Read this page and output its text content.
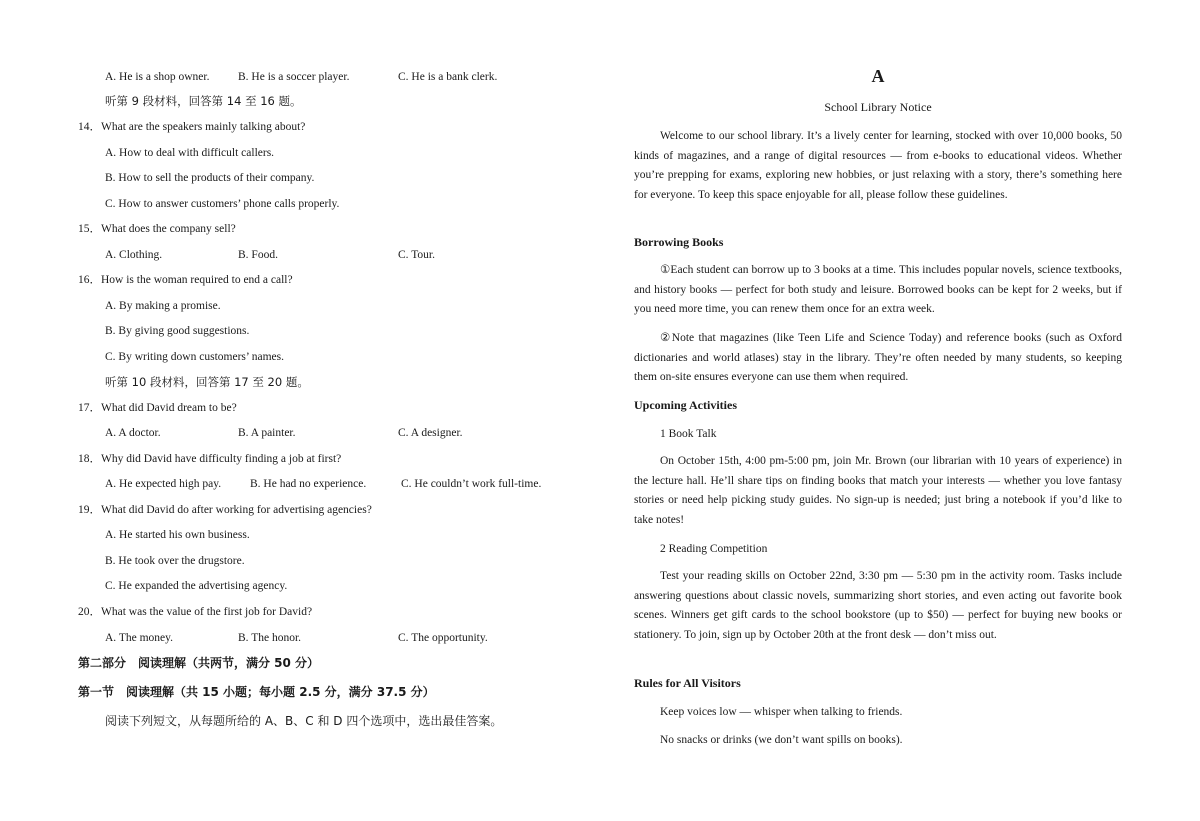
A. He is a shop owner. B. He is a soccer player.	C. He is a bank clerk.
听第 9 段材料，回答第 14 至 16 题。
14．What are the speakers mainly talking about?
A. How to deal with difficult callers.
B. How to sell the products of their company.
C. How to answer customers’ phone calls properly.
15．What does the company sell?
A. Clothing.	B. Food.	C. Tour.
16．How is the woman required to end a call?
A. By making a promise.
B. By giving good suggestions.
C. By writing down customers’ names.
听第 10 段材料，回答第 17 至 20 题。
17．What did David dream to be?
A. A doctor.	B. A painter.	C. A designer.
18．Why did David have difficulty finding a job at first?
A. He expected high pay.	B. He had no experience.	C. He couldn’t work full-time.
19．What did David do after working for advertising agencies?
A. He started his own business.
B. He took over the drugstore.
C. He expanded the advertising agency.
20．What was the value of the first job for David?
A. The money.	B. The honor.	C. The opportunity.
第二部分　阅读理解（共两节，满分 50 分）
第一节　阅读理解（共 15 小题；每小题 2.5 分，满分 37.5 分）
阅读下列短文，从每题所给的 A、B、C 和 D 四个选项中，选出最佳答案。
A
School Library Notice

Welcome to our school library. It’s a lively center for learning, stocked with over 10,000 books, 50 kinds of magazines, and a range of digital resources — from e-books to educational videos. Whether you’re prepping for exams, exploring new hobbies, or just relaxing with a story, there’s something here for everyone. To keep this space enjoyable for all, please follow these guidelines.

Borrowing Books

①Each student can borrow up to 3 books at a time. This includes popular novels, science textbooks, and history books — perfect for both study and leisure. Borrowed books can be kept for 2 weeks, but if you need more time, you can renew them once for an extra week.

②Note that magazines (like Teen Life and Science Today) and reference books (such as Oxford dictionaries and world atlases) stay in the library. They’re often needed by many students, so keeping them on-site ensures everyone can use them when required.

Upcoming Activities
1 Book Talk

On October 15th, 4:00 pm-5:00 pm, join Mr. Brown (our librarian with 10 years of experience) in the lecture hall. He’ll share tips on finding books that match your interests — whether you love fantasy stories or need help picking study guides. No sign-up is needed; just bring a notebook if you’d like to take notes!

2 Reading Competition

Test your reading skills on October 22nd, 3:30 pm — 5:30 pm in the activity room. Tasks include answering questions about classic novels, summarizing short stories, and even acting out favorite book scenes. Winners get gift cards to the school bookstore (up to $50) — perfect for buying new books or stationery. To join, sign up by October 20th at the front desk — don’t miss out.

Rules for All Visitors
Keep voices low — whisper when talking to friends.
No snacks or drinks (we don’t want spills on books).
